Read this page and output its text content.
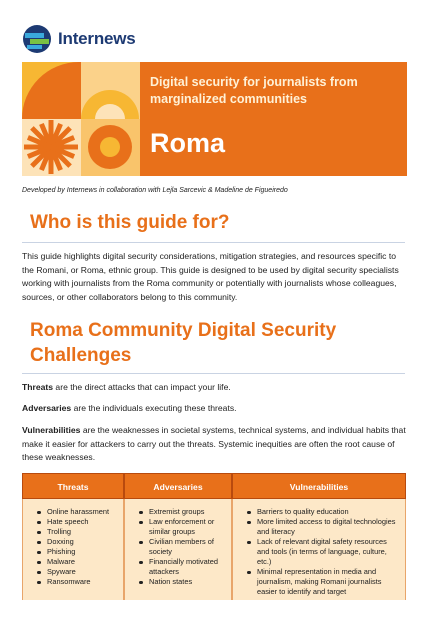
Internews
Digital security for journalists from marginalized communities
Roma
Developed by Internews in collaboration with Lejla Sarcevic & Madeline de Figueiredo
Who is this guide for?

This guide highlights digital security considerations, mitigation strategies, and resources specific to the Romani, or Roma, ethnic group. This guide is designed to be used by digital security specialists working with journalists from the Roma community or potentially with journalists whose colleagues, sources, or other collaborators belong to this community.

Roma Community Digital Security
Challenges

Threats are the direct attacks that can impact your life.

Adversaries are the individuals executing these threats.

Vulnerabilities are the weaknesses in societal systems, technical systems, and individual habits that make it easier for attackers to carry out the threats. Systemic inequities are often the root cause of these weaknesses.

Threats	Adversaries	Vulnerabilities
Online harassment
Hate speech
Trolling
Doxxing
Phishing
Malware
Spyware
Ransomware
Extremist groups
Law enforcement or similar groups
Civilian members of society
Financially motivated attackers
Nation states
Barriers to quality education
More limited access to digital technologies and literacy
Lack of relevant digital safety resources and tools (in terms of language, culture, etc.)
Minimal representation in media and journalism, making Romani journalists easier to identify and target
